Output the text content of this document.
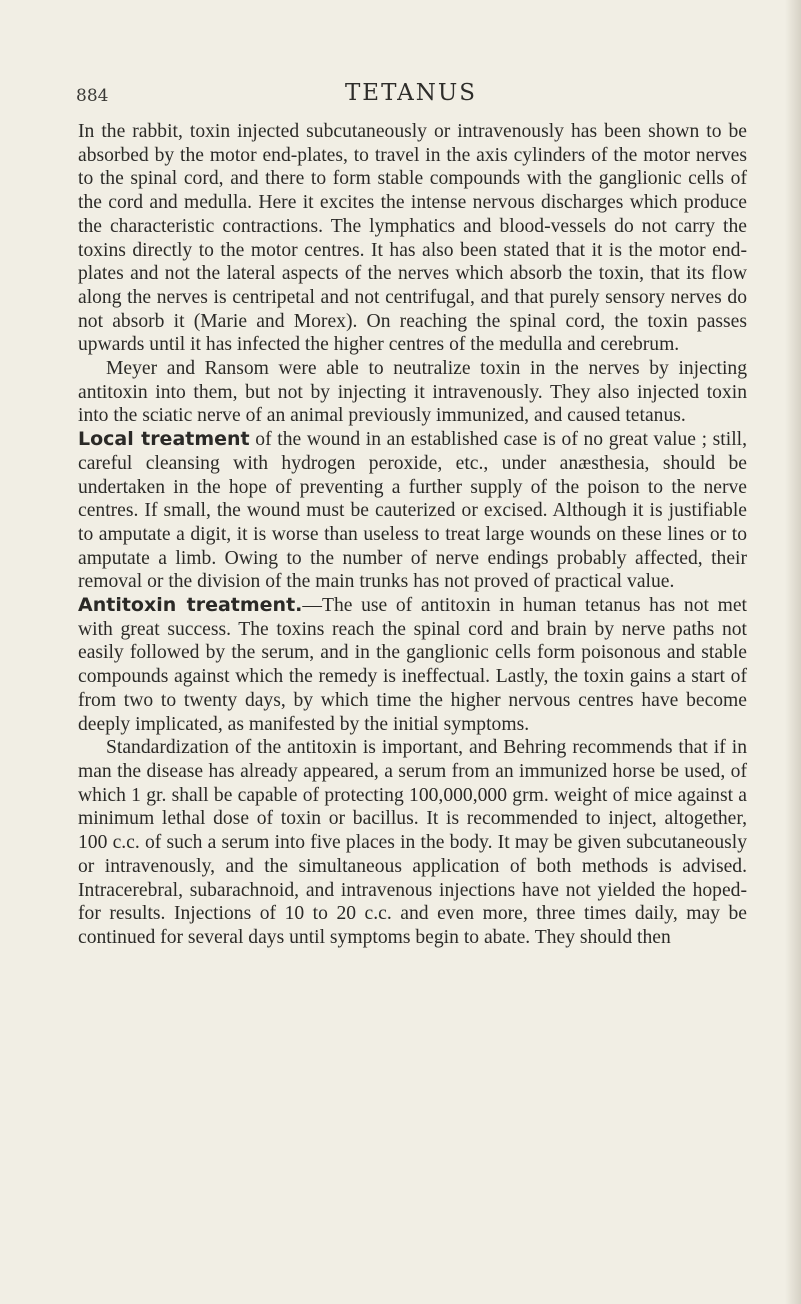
884	TETANUS

In the rabbit, toxin injected subcutaneously or intravenously has been shown to be absorbed by the motor end-plates, to travel in the axis cylinders of the motor nerves to the spinal cord, and there to form stable compounds with the ganglionic cells of the cord and medulla. Here it excites the intense nervous discharges which produce the characteristic contractions. The lymphatics and blood-vessels do not carry the toxins directly to the motor centres. It has also been stated that it is the motor end-plates and not the lateral aspects of the nerves which absorb the toxin, that its flow along the nerves is centripetal and not centrifugal, and that purely sensory nerves do not absorb it (Marie and Morex). On reaching the spinal cord, the toxin passes upwards until it has infected the higher centres of the medulla and cerebrum.

Meyer and Ransom were able to neutralize toxin in the nerves by injecting antitoxin into them, but not by injecting it intravenously. They also injected toxin into the sciatic nerve of an animal previously immunized, and caused tetanus.

Local treatment of the wound in an established case is of no great value ; still, careful cleansing with hydrogen peroxide, etc., under anæsthesia, should be undertaken in the hope of preventing a further supply of the poison to the nerve centres. If small, the wound must be cauterized or excised. Although it is justifiable to amputate a digit, it is worse than useless to treat large wounds on these lines or to amputate a limb. Owing to the number of nerve endings probably affected, their removal or the division of the main trunks has not proved of practical value.

Antitoxin treatment.—The use of antitoxin in human tetanus has not met with great success. The toxins reach the spinal cord and brain by nerve paths not easily followed by the serum, and in the ganglionic cells form poisonous and stable compounds against which the remedy is ineffectual. Lastly, the toxin gains a start of from two to twenty days, by which time the higher nervous centres have become deeply implicated, as manifested by the initial symptoms.

Standardization of the antitoxin is important, and Behring recommends that if in man the disease has already appeared, a serum from an immunized horse be used, of which 1 gr. shall be capable of protecting 100,000,000 grm. weight of mice against a minimum lethal dose of toxin or bacillus. It is recommended to inject, altogether, 100 c.c. of such a serum into five places in the body. It may be given subcutaneously or intravenously, and the simultaneous application of both methods is advised. Intracerebral, subarachnoid, and intravenous injections have not yielded the hoped-for results. Injections of 10 to 20 c.c. and even more, three times daily, may be continued for several days until symptoms begin to abate. They should then
